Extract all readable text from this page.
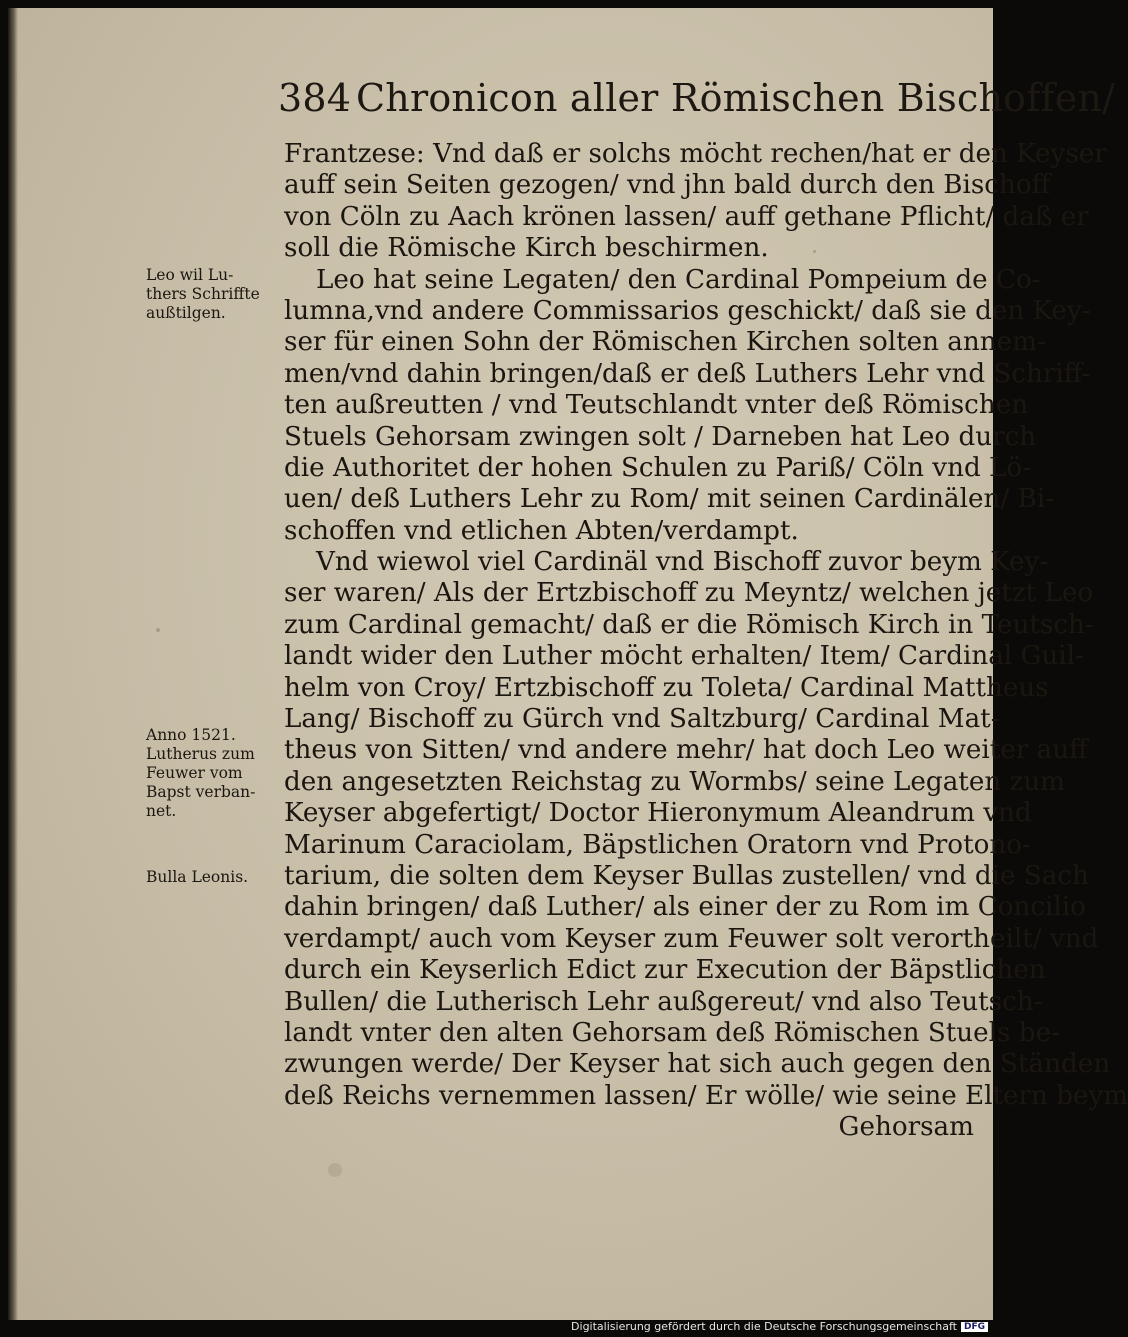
384 Chronicon aller Römischen Bischoffen/
Frantzese: Vnd daß er solchs möcht rechen/hat er den Keyser
auff sein Seiten gezogen/ vnd jhn bald durch den Bischoff
von Cöln zu Aach krönen lassen/ auff gethane Pflicht/ daß er
soll die Römische Kirch beschirmen.
Leo hat seine Legaten/ den Cardinal Pompeium de Co-
lumna,vnd andere Commissarios geschickt/ daß sie den Key-
ser für einen Sohn der Römischen Kirchen solten annem-
men/vnd dahin bringen/daß er deß Luthers Lehr vnd Schriff-
ten außreutten / vnd Teutschlandt vnter deß Römischen
Stuels Gehorsam zwingen solt / Darneben hat Leo durch
die Authoritet der hohen Schulen zu Pariß/ Cöln vnd Lö-
uen/ deß Luthers Lehr zu Rom/ mit seinen Cardinälen/ Bi-
schoffen vnd etlichen Abten/verdampt.
Vnd wiewol viel Cardinäl vnd Bischoff zuvor beym Key-
ser waren/ Als der Ertzbischoff zu Meyntz/ welchen jetzt Leo
zum Cardinal gemacht/ daß er die Römisch Kirch in Teutsch-
landt wider den Luther möcht erhalten/ Item/ Cardinal Guil-
helm von Croy/ Ertzbischoff zu Toleta/ Cardinal Mattheus
Lang/ Bischoff zu Gürch vnd Saltzburg/ Cardinal Mat-
theus von Sitten/ vnd andere mehr/ hat doch Leo weiter auff
den angesetzten Reichstag zu Wormbs/ seine Legaten zum
Keyser abgefertigt/ Doctor Hieronymum Aleandrum vnd
Marinum Caraciolam, Bäpstlichen Oratorn vnd Protono-
tarium, die solten dem Keyser Bullas zustellen/ vnd die Sach
dahin bringen/ daß Luther/ als einer der zu Rom im Concilio
verdampt/ auch vom Keyser zum Feuwer solt verortheilt/ vnd
durch ein Keyserlich Edict zur Execution der Bäpstlichen
Bullen/ die Lutherisch Lehr außgereut/ vnd also Teutsch-
landt vnter den alten Gehorsam deß Römischen Stuels be-
zwungen werde/ Der Keyser hat sich auch gegen den Ständen
deß Reichs vernemmen lassen/ Er wölle/ wie seine Eltern beym
Gehorsam
Leo wil Lu-
thers Schriffte
außtilgen.
Anno 1521.
Lutherus zum
Feuwer vom
Bapst verban-
net.
Bulla Leonis.
Digitalisierung gefördert durch die Deutsche Forschungsgemeinschaft DFG
